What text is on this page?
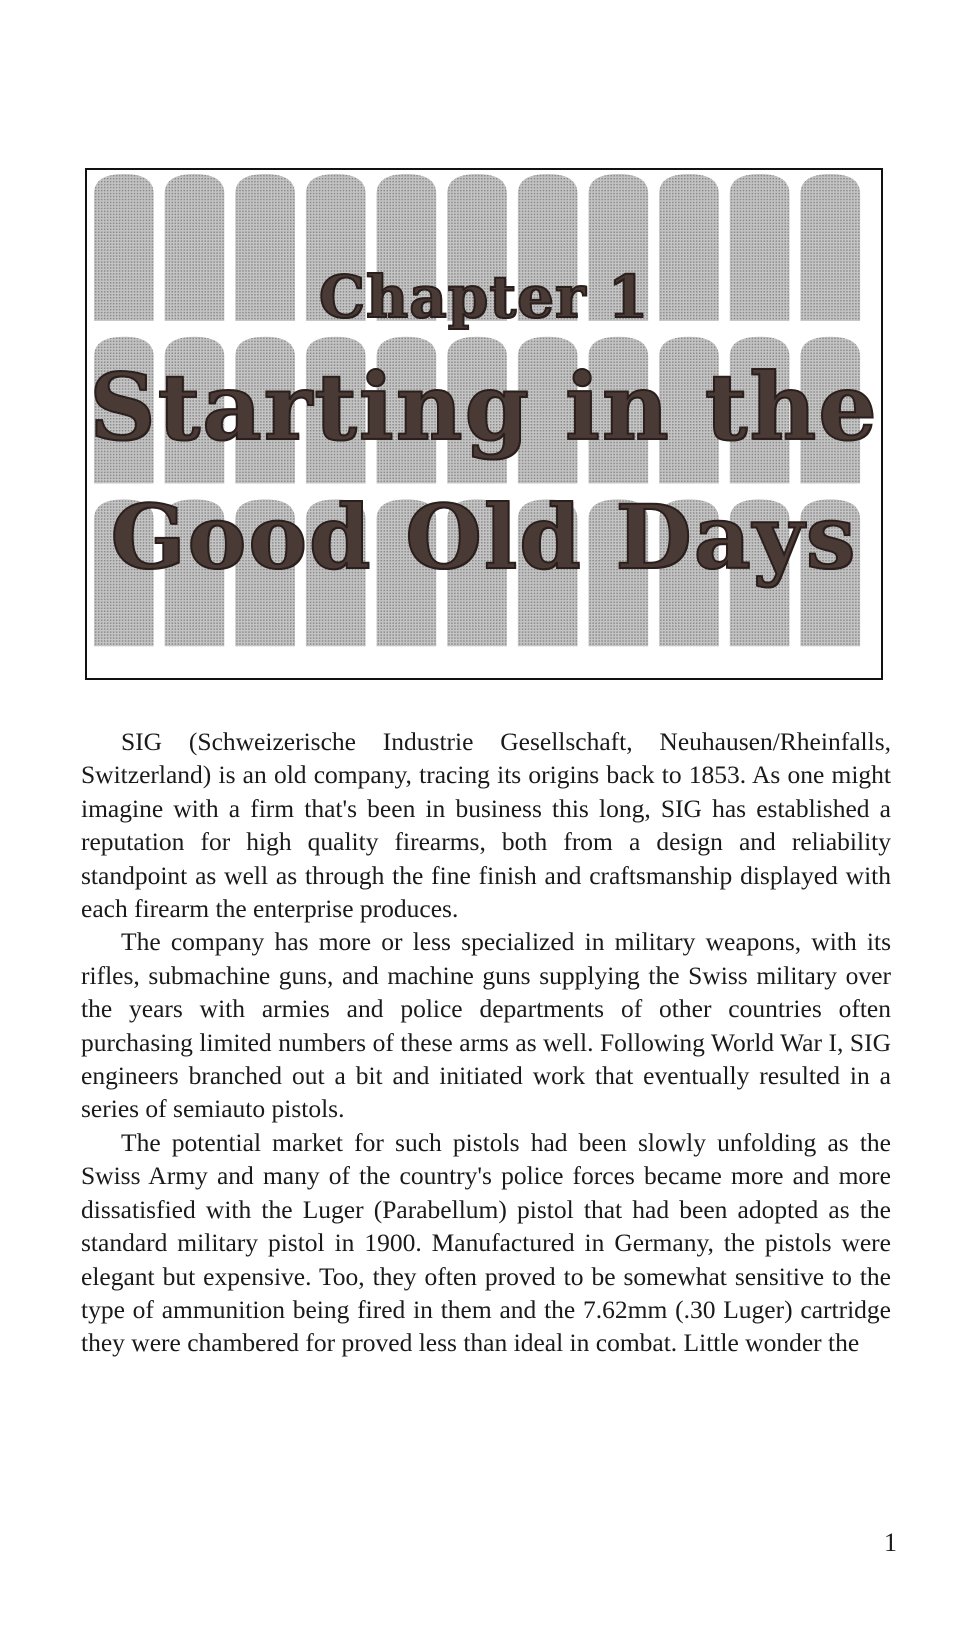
Chapter 1
Starting in the
Good Old Days

SIG (Schweizerische Industrie Gesellschaft, Neuhausen/​Rheinfalls, Switzerland) is an old company, tracing its origins back to 1853. As one might imagine with a firm that's been in business this long, SIG has established a reputation for high quality firearms, both from a design and reliability standpoint as well as through the fine finish and craftsmanship displayed with each firearm the enterprise produces.

The company has more or less specialized in military weapons, with its rifles, submachine guns, and machine guns supplying the Swiss military over the years with armies and police departments of other countries often purchasing limited numbers of these arms as well. Following World War I, SIG engineers branched out a bit and initiated work that eventually resulted in a series of semiauto pistols.

The potential market for such pistols had been slowly unfolding as the Swiss Army and many of the country's police forces became more and more dissatisfied with the Luger (Parabellum) pistol that had been adopted as the standard military pistol in 1900. Manufactured in Germany, the pistols were elegant but expensive. Too, they often proved to be somewhat sensitive to the type of ammunition being fired in them and the 7.62mm (.30 Luger) cartridge they were chambered for proved less than ideal in combat. Little wonder the

1
